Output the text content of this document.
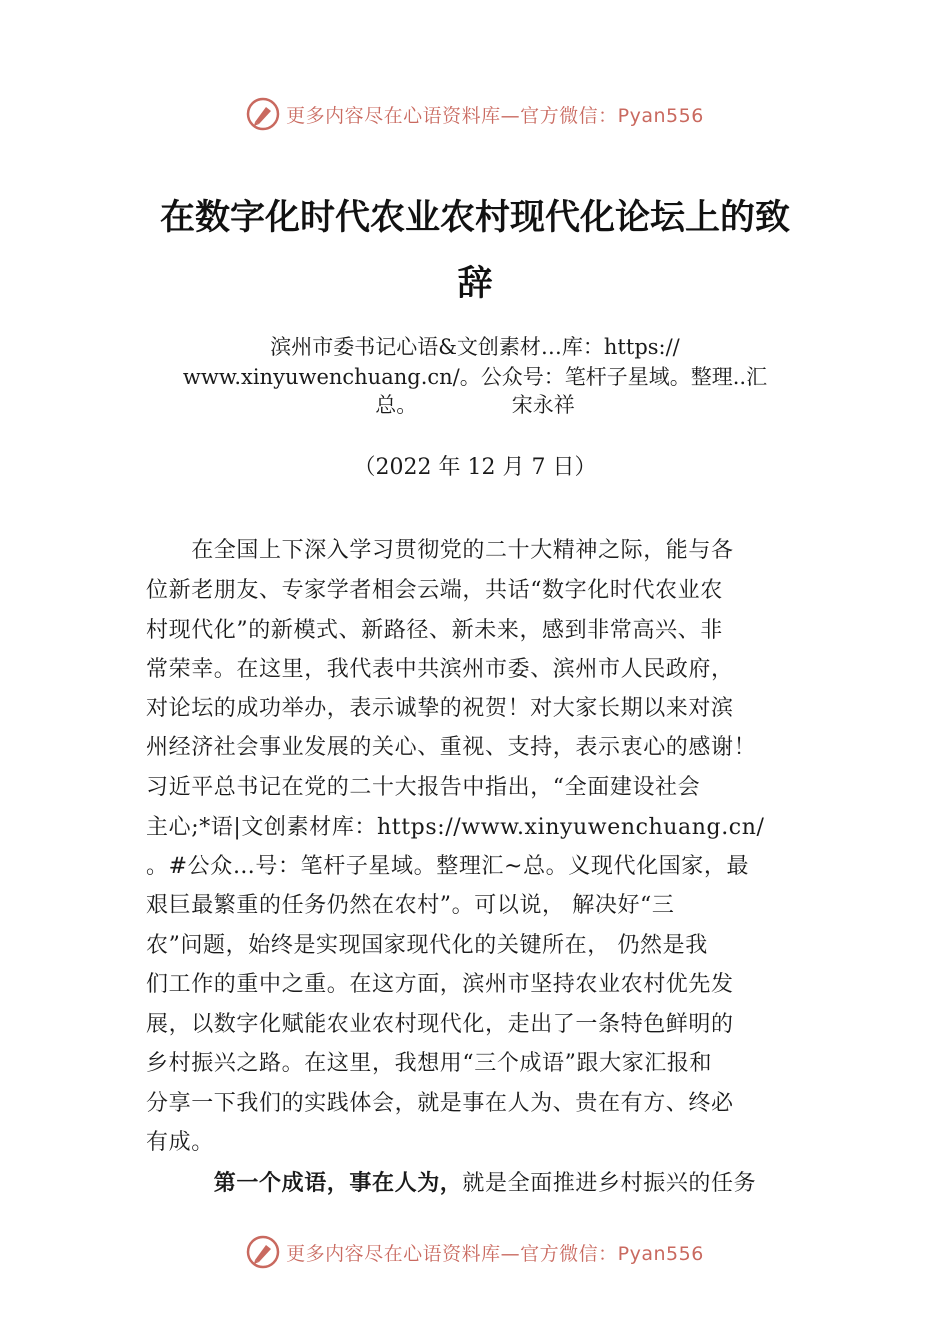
更多内容尽在心语资料库—官方微信：Pyan556
在数字化时代农业农村现代化论坛上的致
辞
滨州市委书记心语&文创素材…库：https://
www.xinyuwenchuang.cn/。公众号：笔杆子星域。整理..汇
总。　　　　　宋永祥
（2022 年 12 月 7 日）
　　在全国上下深入学习贯彻党的二十大精神之际，能与各
位新老朋友、专家学者相会云端，共话“数字化时代农业农
村现代化”的新模式、新路径、新未来，感到非常高兴、非
常荣幸。在这里，我代表中共滨州市委、滨州市人民政府，
对论坛的成功举办，表示诚挚的祝贺！对大家长期以来对滨
州经济社会事业发展的关心、重视、支持，表示衷心的感谢！
习近平总书记在党的二十大报告中指出，“全面建设社会
主心;*语|文创素材库：https://www.xinyuwenchuang.cn/
。#公众…号：笔杆子星域。整理汇~总。义现代化国家，最
艰巨最繁重的任务仍然在农村”。可以说， 解决好“三
农”问题，始终是实现国家现代化的关键所在， 仍然是我
们工作的重中之重。在这方面，滨州市坚持农业农村优先发
展，以数字化赋能农业农村现代化，走出了一条特色鲜明的
乡村振兴之路。在这里，我想用“三个成语”跟大家汇报和
分享一下我们的实践体会，就是事在人为、贵在有方、终必
有成。
　　　第一个成语，事在人为，就是全面推进乡村振兴的任务
更多内容尽在心语资料库—官方微信：Pyan556
